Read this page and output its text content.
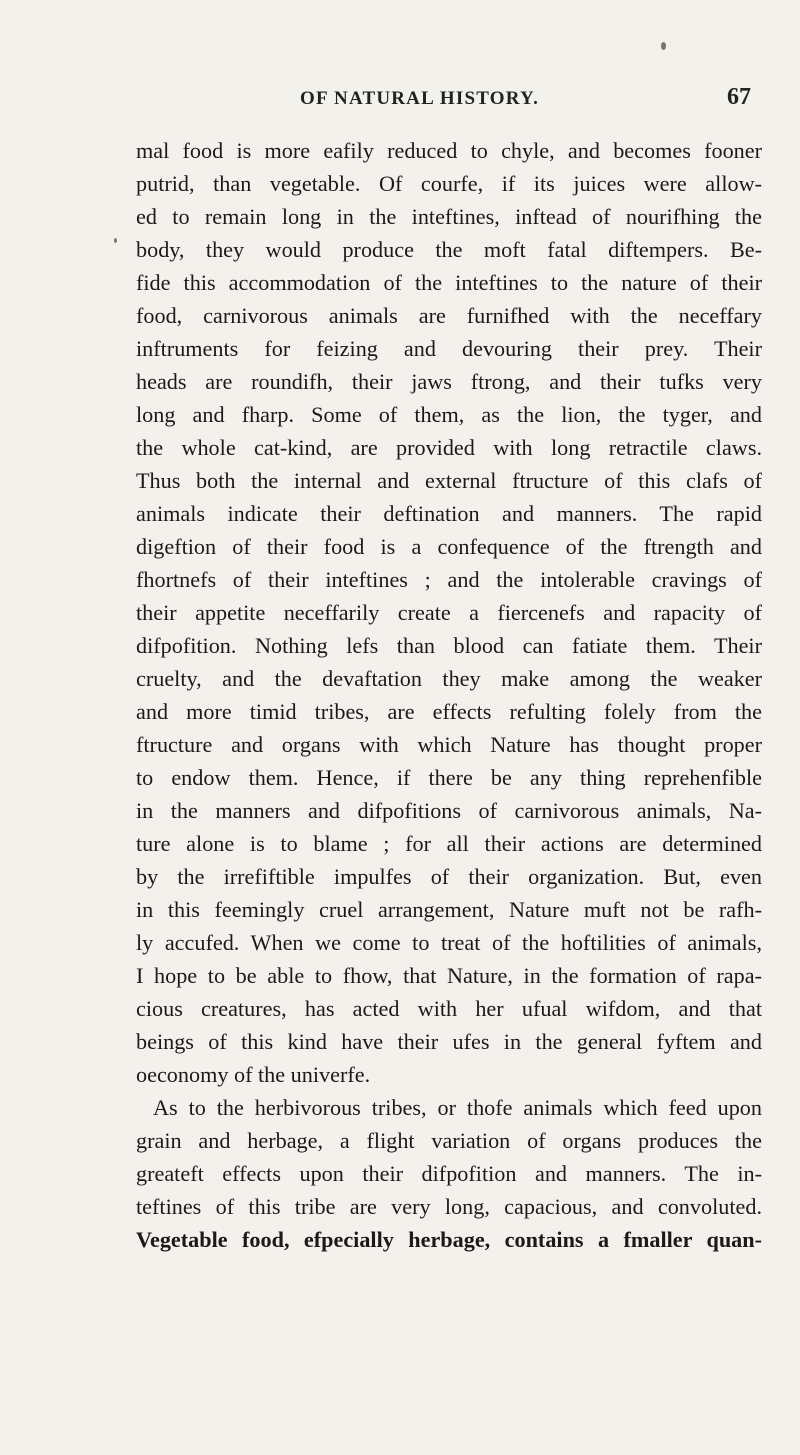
OF NATURAL HISTORY.	67
mal food is more eafily reduced to chyle, and becomes fooner
putrid, than vegetable. Of courfe, if its juices were allow-
ed to remain long in the inteftines, inftead of nourifhing the
body, they would produce the moft fatal diftempers. Be-
fide this accommodation of the inteftines to the nature of their
food, carnivorous animals are furnifhed with the neceffary
inftruments for feizing and devouring their prey. Their
heads are roundifh, their jaws ftrong, and their tufks very
long and fharp. Some of them, as the lion, the tyger, and
the whole cat-kind, are provided with long retractile claws.
Thus both the internal and external ftructure of this clafs of
animals indicate their deftination and manners. The rapid
digeftion of their food is a confequence of the ftrength and
fhortnefs of their inteftines ; and the intolerable cravings of
their appetite neceffarily create a fiercenefs and rapacity of
difpofition. Nothing lefs than blood can fatiate them. Their
cruelty, and the devaftation they make among the weaker
and more timid tribes, are effects refulting folely from the
ftructure and organs with which Nature has thought proper
to endow them. Hence, if there be any thing reprehenfible
in the manners and difpofitions of carnivorous animals, Na-
ture alone is to blame ; for all their actions are determined
by the irrefiftible impulfes of their organization. But, even
in this feemingly cruel arrangement, Nature muft not be rafh-
ly accufed. When we come to treat of the hoftilities of animals,
I hope to be able to fhow, that Nature, in the formation of rapa-
cious creatures, has acted with her ufual wifdom, and that
beings of this kind have their ufes in the general fyftem and
oeconomy of the univerfe.
As to the herbivorous tribes, or thofe animals which feed upon
grain and herbage, a flight variation of organs produces the
greateft effects upon their difpofition and manners. The in-
teftines of this tribe are very long, capacious, and convoluted.
Vegetable food, efpecially herbage, contains a fmaller quan-
